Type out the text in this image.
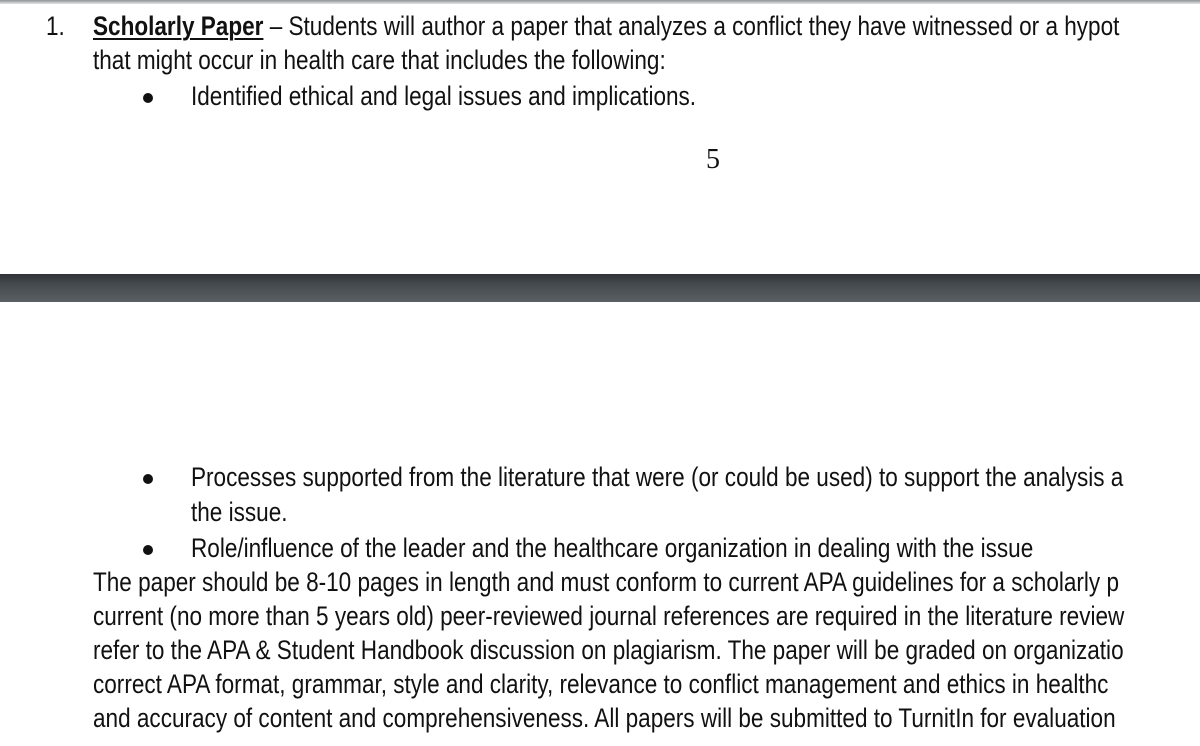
1. Scholarly Paper – Students will author a paper that analyzes a conflict they have witnessed or a hypot
that might occur in health care that includes the following:
Identified ethical and legal issues and implications.
5
Processes supported from the literature that were (or could be used) to support the analysis a
the issue.
Role/influence of the leader and the healthcare organization in dealing with the issue
The paper should be 8-10 pages in length and must conform to current APA guidelines for a scholarly p
current (no more than 5 years old) peer-reviewed journal references are required in the literature review
refer to the APA & Student Handbook discussion on plagiarism. The paper will be graded on organizatio
correct APA format, grammar, style and clarity, relevance to conflict management and ethics in healthc
and accuracy of content and comprehensiveness. All papers will be submitted to TurnitIn for evaluation
